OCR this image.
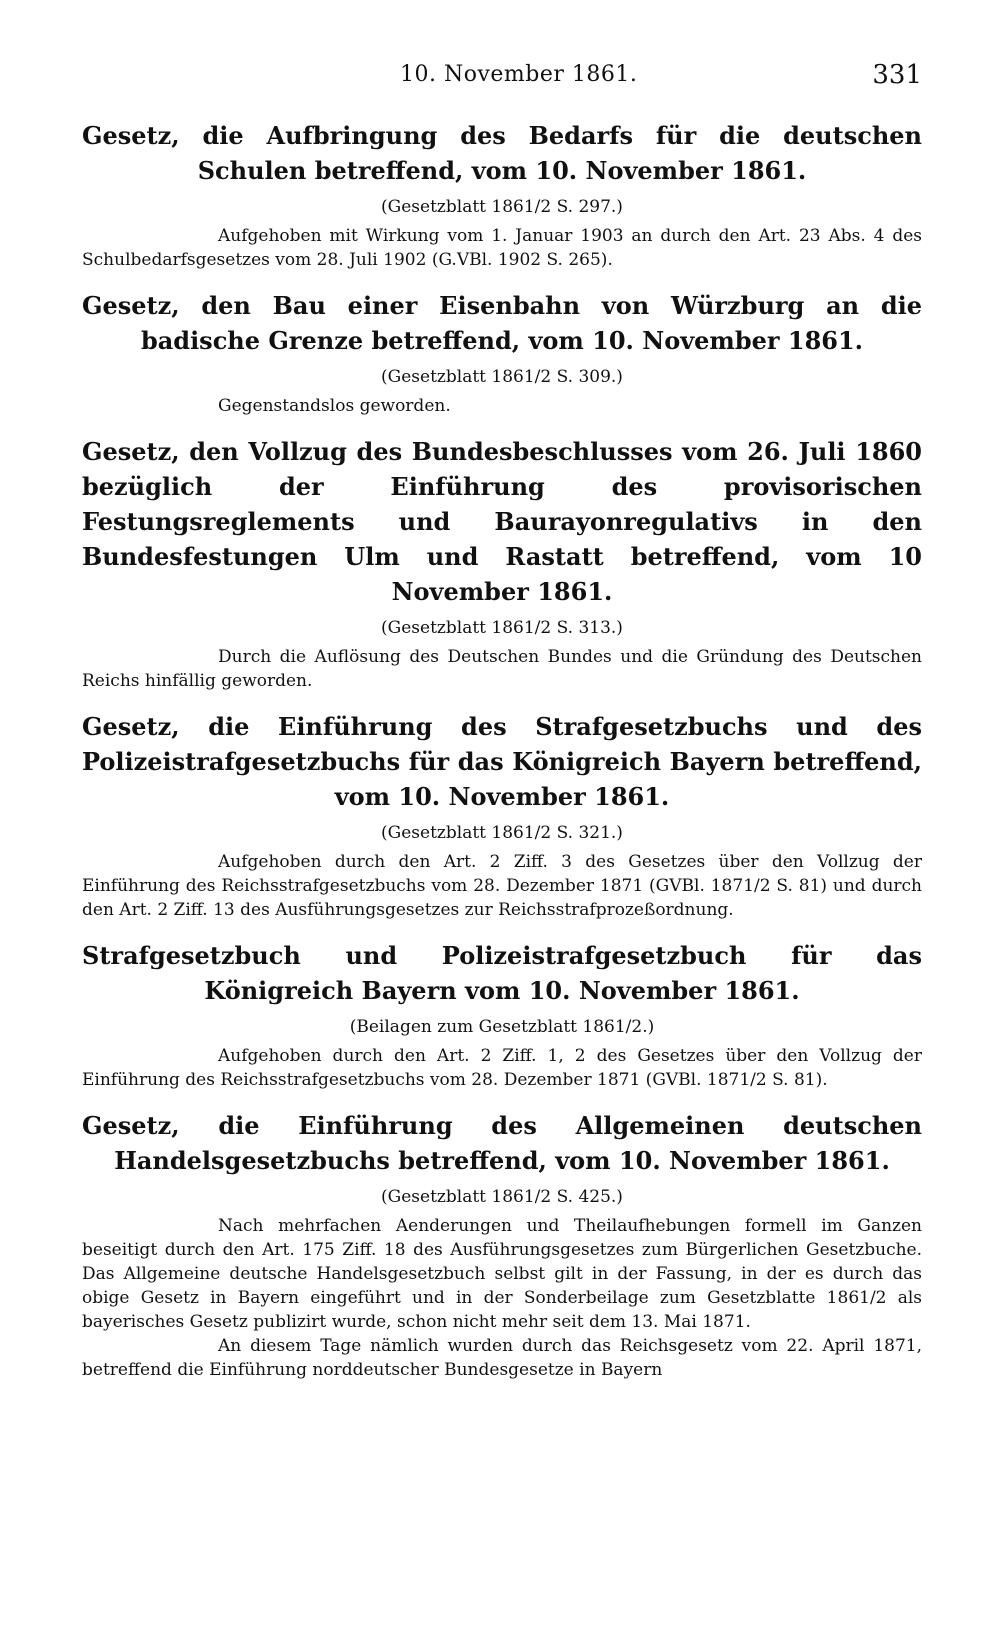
10. November 1861.	331

Gesetz, die Aufbringung des Bedarfs für die deutschen Schulen betreffend, vom 10. November 1861.

(Gesetzblatt 1861/2 S. 297.)

Aufgehoben mit Wirkung vom 1. Januar 1903 an durch den Art. 23 Abs. 4 des Schulbedarfsgesetzes vom 28. Juli 1902 (G.VBl. 1902 S. 265).

Gesetz, den Bau einer Eisenbahn von Würzburg an die badische Grenze betreffend, vom 10. November 1861.

(Gesetzblatt 1861/2 S. 309.)

Gegenstandslos geworden.

Gesetz, den Vollzug des Bundesbeschlusses vom 26. Juli 1860 bezüglich der Einführung des provisorischen Festungsreglements und Baurayonregulativs in den Bundesfestungen Ulm und Rastatt betreffend, vom 10 November 1861.

(Gesetzblatt 1861/2 S. 313.)

Durch die Auflösung des Deutschen Bundes und die Gründung des Deutschen Reichs hinfällig geworden.

Gesetz, die Einführung des Strafgesetzbuchs und des Polizeistrafgesetzbuchs für das Königreich Bayern betreffend, vom 10. November 1861.

(Gesetzblatt 1861/2 S. 321.)

Aufgehoben durch den Art. 2 Ziff. 3 des Gesetzes über den Vollzug der Einführung des Reichsstrafgesetzbuchs vom 28. Dezember 1871 (GVBl. 1871/2 S. 81) und durch den Art. 2 Ziff. 13 des Ausführungsgesetzes zur Reichsstrafprozeßordnung.

Strafgesetzbuch und Polizeistrafgesetzbuch für das Königreich Bayern vom 10. November 1861.

(Beilagen zum Gesetzblatt 1861/2.)

Aufgehoben durch den Art. 2 Ziff. 1, 2 des Gesetzes über den Vollzug der Einführung des Reichsstrafgesetzbuchs vom 28. Dezember 1871 (GVBl. 1871/2 S. 81).

Gesetz, die Einführung des Allgemeinen deutschen Handelsgesetzbuchs betreffend, vom 10. November 1861.

(Gesetzblatt 1861/2 S. 425.)

Nach mehrfachen Aenderungen und Theilaufhebungen formell im Ganzen beseitigt durch den Art. 175 Ziff. 18 des Ausführungsgesetzes zum Bürgerlichen Gesetzbuche. Das Allgemeine deutsche Handelsgesetzbuch selbst gilt in der Fassung, in der es durch das obige Gesetz in Bayern eingeführt und in der Sonderbeilage zum Gesetzblatte 1861/2 als bayerisches Gesetz publizirt wurde, schon nicht mehr seit dem 13. Mai 1871.

An diesem Tage nämlich wurden durch das Reichsgesetz vom 22. April 1871, betreffend die Einführung norddeutscher Bundesgesetze in Bayern
